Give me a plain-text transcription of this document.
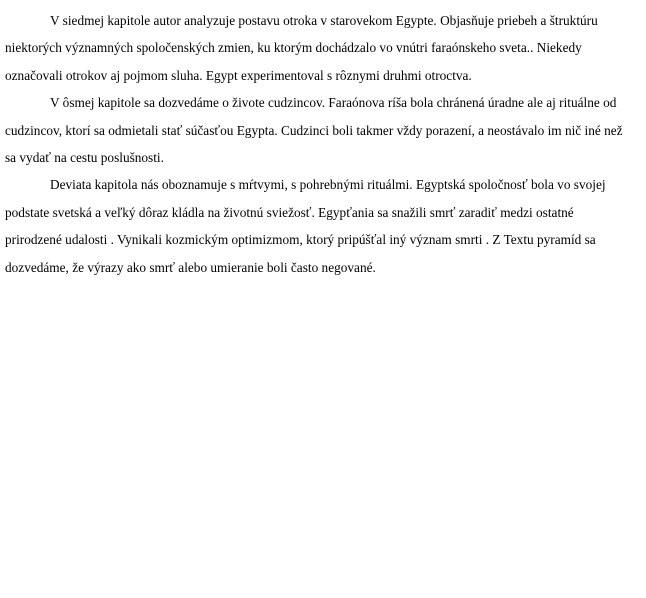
V siedmej kapitole autor analyzuje postavu otroka v starovekom Egypte. Objasňuje priebeh a štruktúru niektorých významných spoločenských zmien, ku ktorým dochádzalo vo vnútri faraónskeho sveta.. Niekedy označovali otrokov aj pojmom sluha. Egypt experimentoval s rôznymi druhmi otroctva.

V ôsmej kapitole sa dozvedáme o živote cudzincov. Faraónova ríša bola chránená úradne ale aj rituálne od cudzincov, ktorí sa odmietali stať súčasťou Egypta. Cudzinci boli takmer vždy porazení, a neostávalo im nič iné než sa vydať na cestu poslušnosti.

Deviata kapitola nás oboznamuje s mŕtvymi, s pohrebnými rituálmi. Egyptská spoločnosť bola vo svojej podstate svetská a veľký dôraz kládla na životnú sviežosť. Egypťania sa snažili smrť zaradiť medzi ostatné prirodzené udalosti . Vynikali kozmickým optimizmom, ktorý pripúšťal iný význam smrti . Z Textu pyramíd sa dozvedáme, že výrazy ako smrť alebo umieranie boli často negované.
